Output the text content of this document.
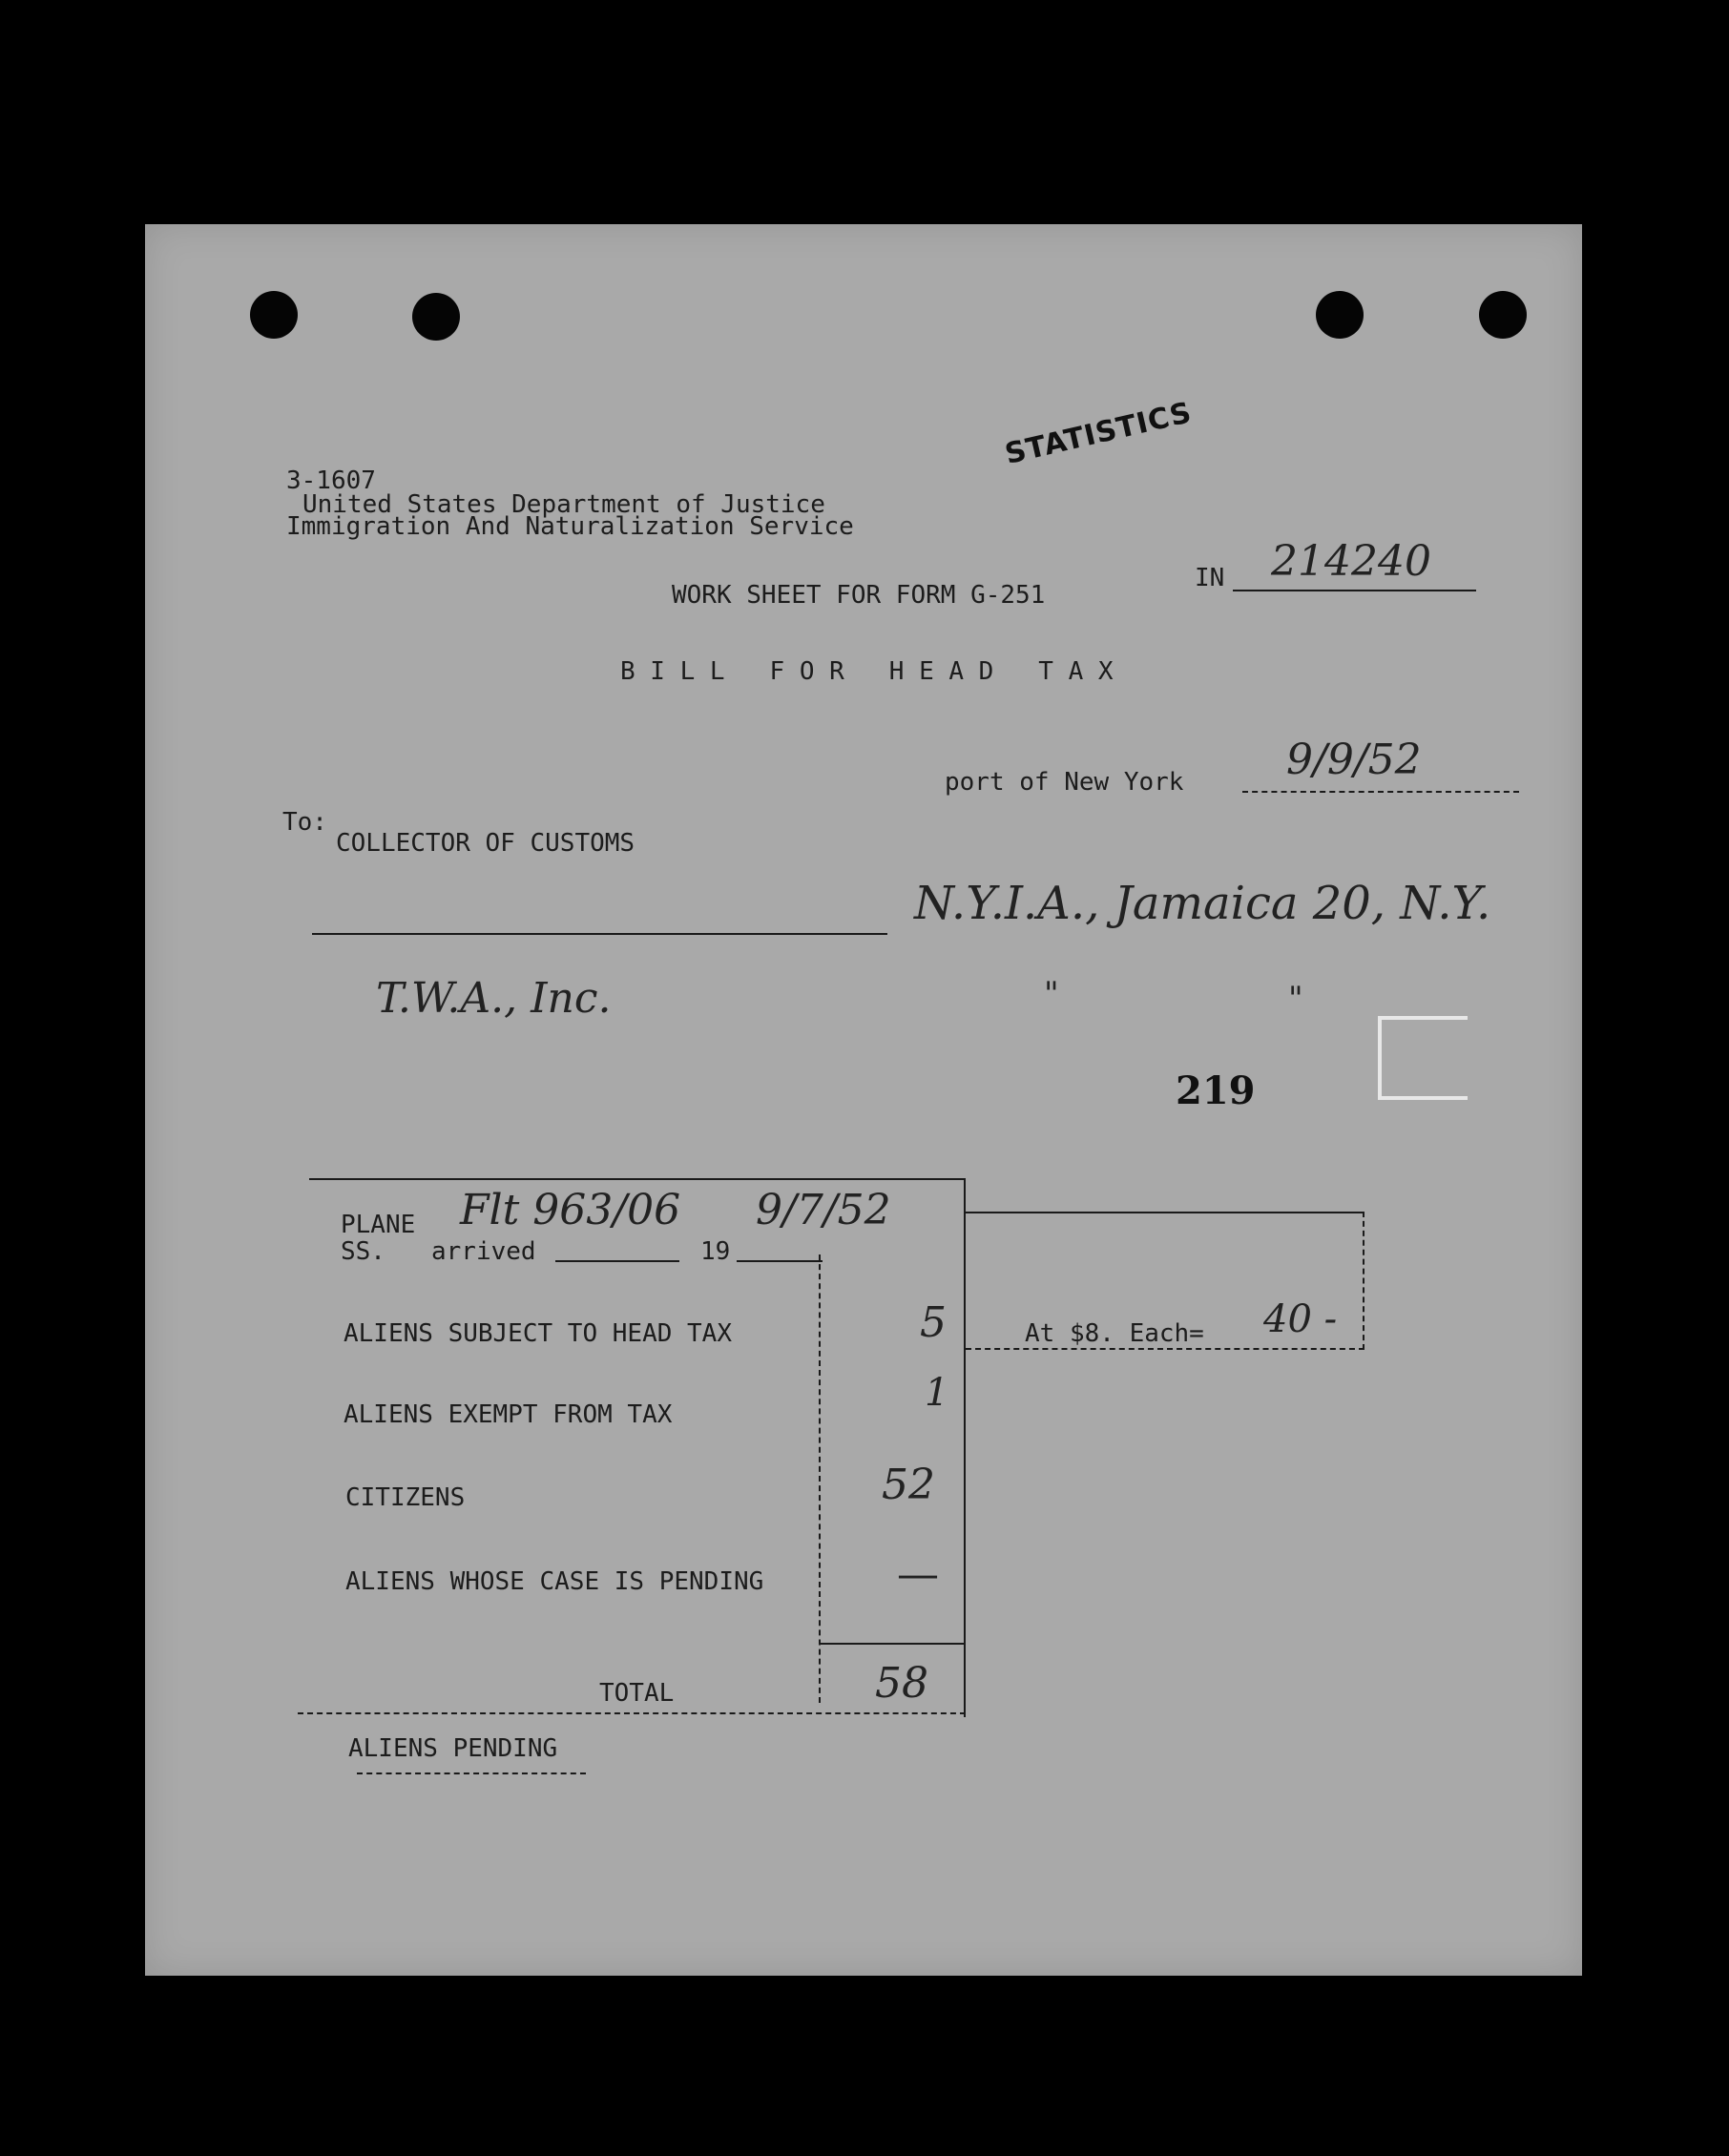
STATISTICS
3-1607
United States Department of Justice
Immigration And Naturalization Service
WORK SHEET FOR FORM G-251
IN 214240
B I L L   F O R   H E A D   T A X
port of New York 9/9/52
To:
COLLECTOR OF CUSTOMS
N.Y.I.A., Jamaica 20, N.Y.
T.W.A., Inc.	"	"
219
PLANE Flt 963/06 9/7/52
SS. arrived	19
ALIENS SUBJECT TO HEAD TAX	5	At $8. Each= 40 -
ALIENS EXEMPT FROM TAX	1
CITIZENS	52
ALIENS WHOSE CASE IS PENDING	—
TOTAL	58
ALIENS PENDING
